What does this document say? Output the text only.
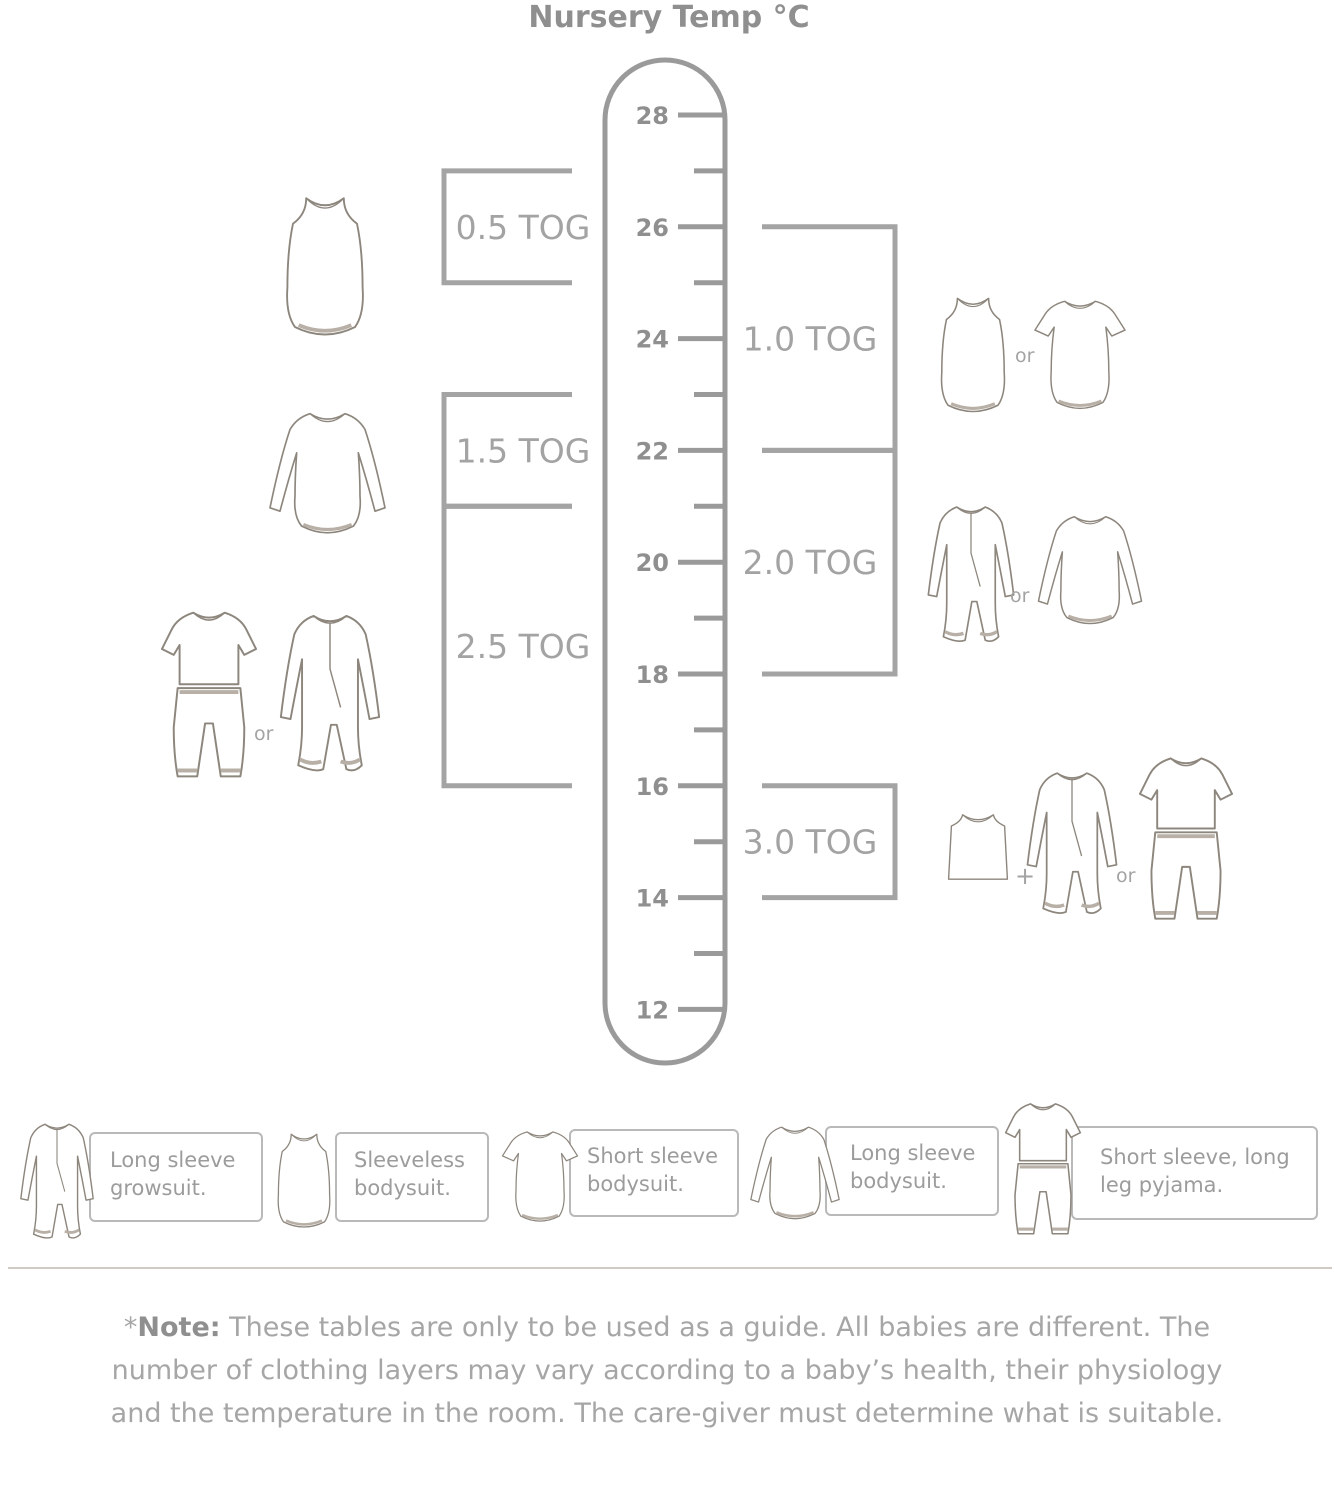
Nursery Temp °C
28
26
24
22
20
18
16
14
12
0.5 TOG
1.5 TOG
2.5 TOG
1.0 TOG
2.0 TOG
3.0 TOG
or
or
or
+	or
Long sleeve
growsuit.
Sleeveless
bodysuit.
Short sleeve
bodysuit.
Long sleeve
bodysuit.
Short sleeve, long
leg pyjama.
*Note: These tables are only to be used as a guide. All babies are different. The
number of clothing layers may vary according to a baby’s health, their physiology
and the temperature in the room. The care-giver must determine what is suitable.
